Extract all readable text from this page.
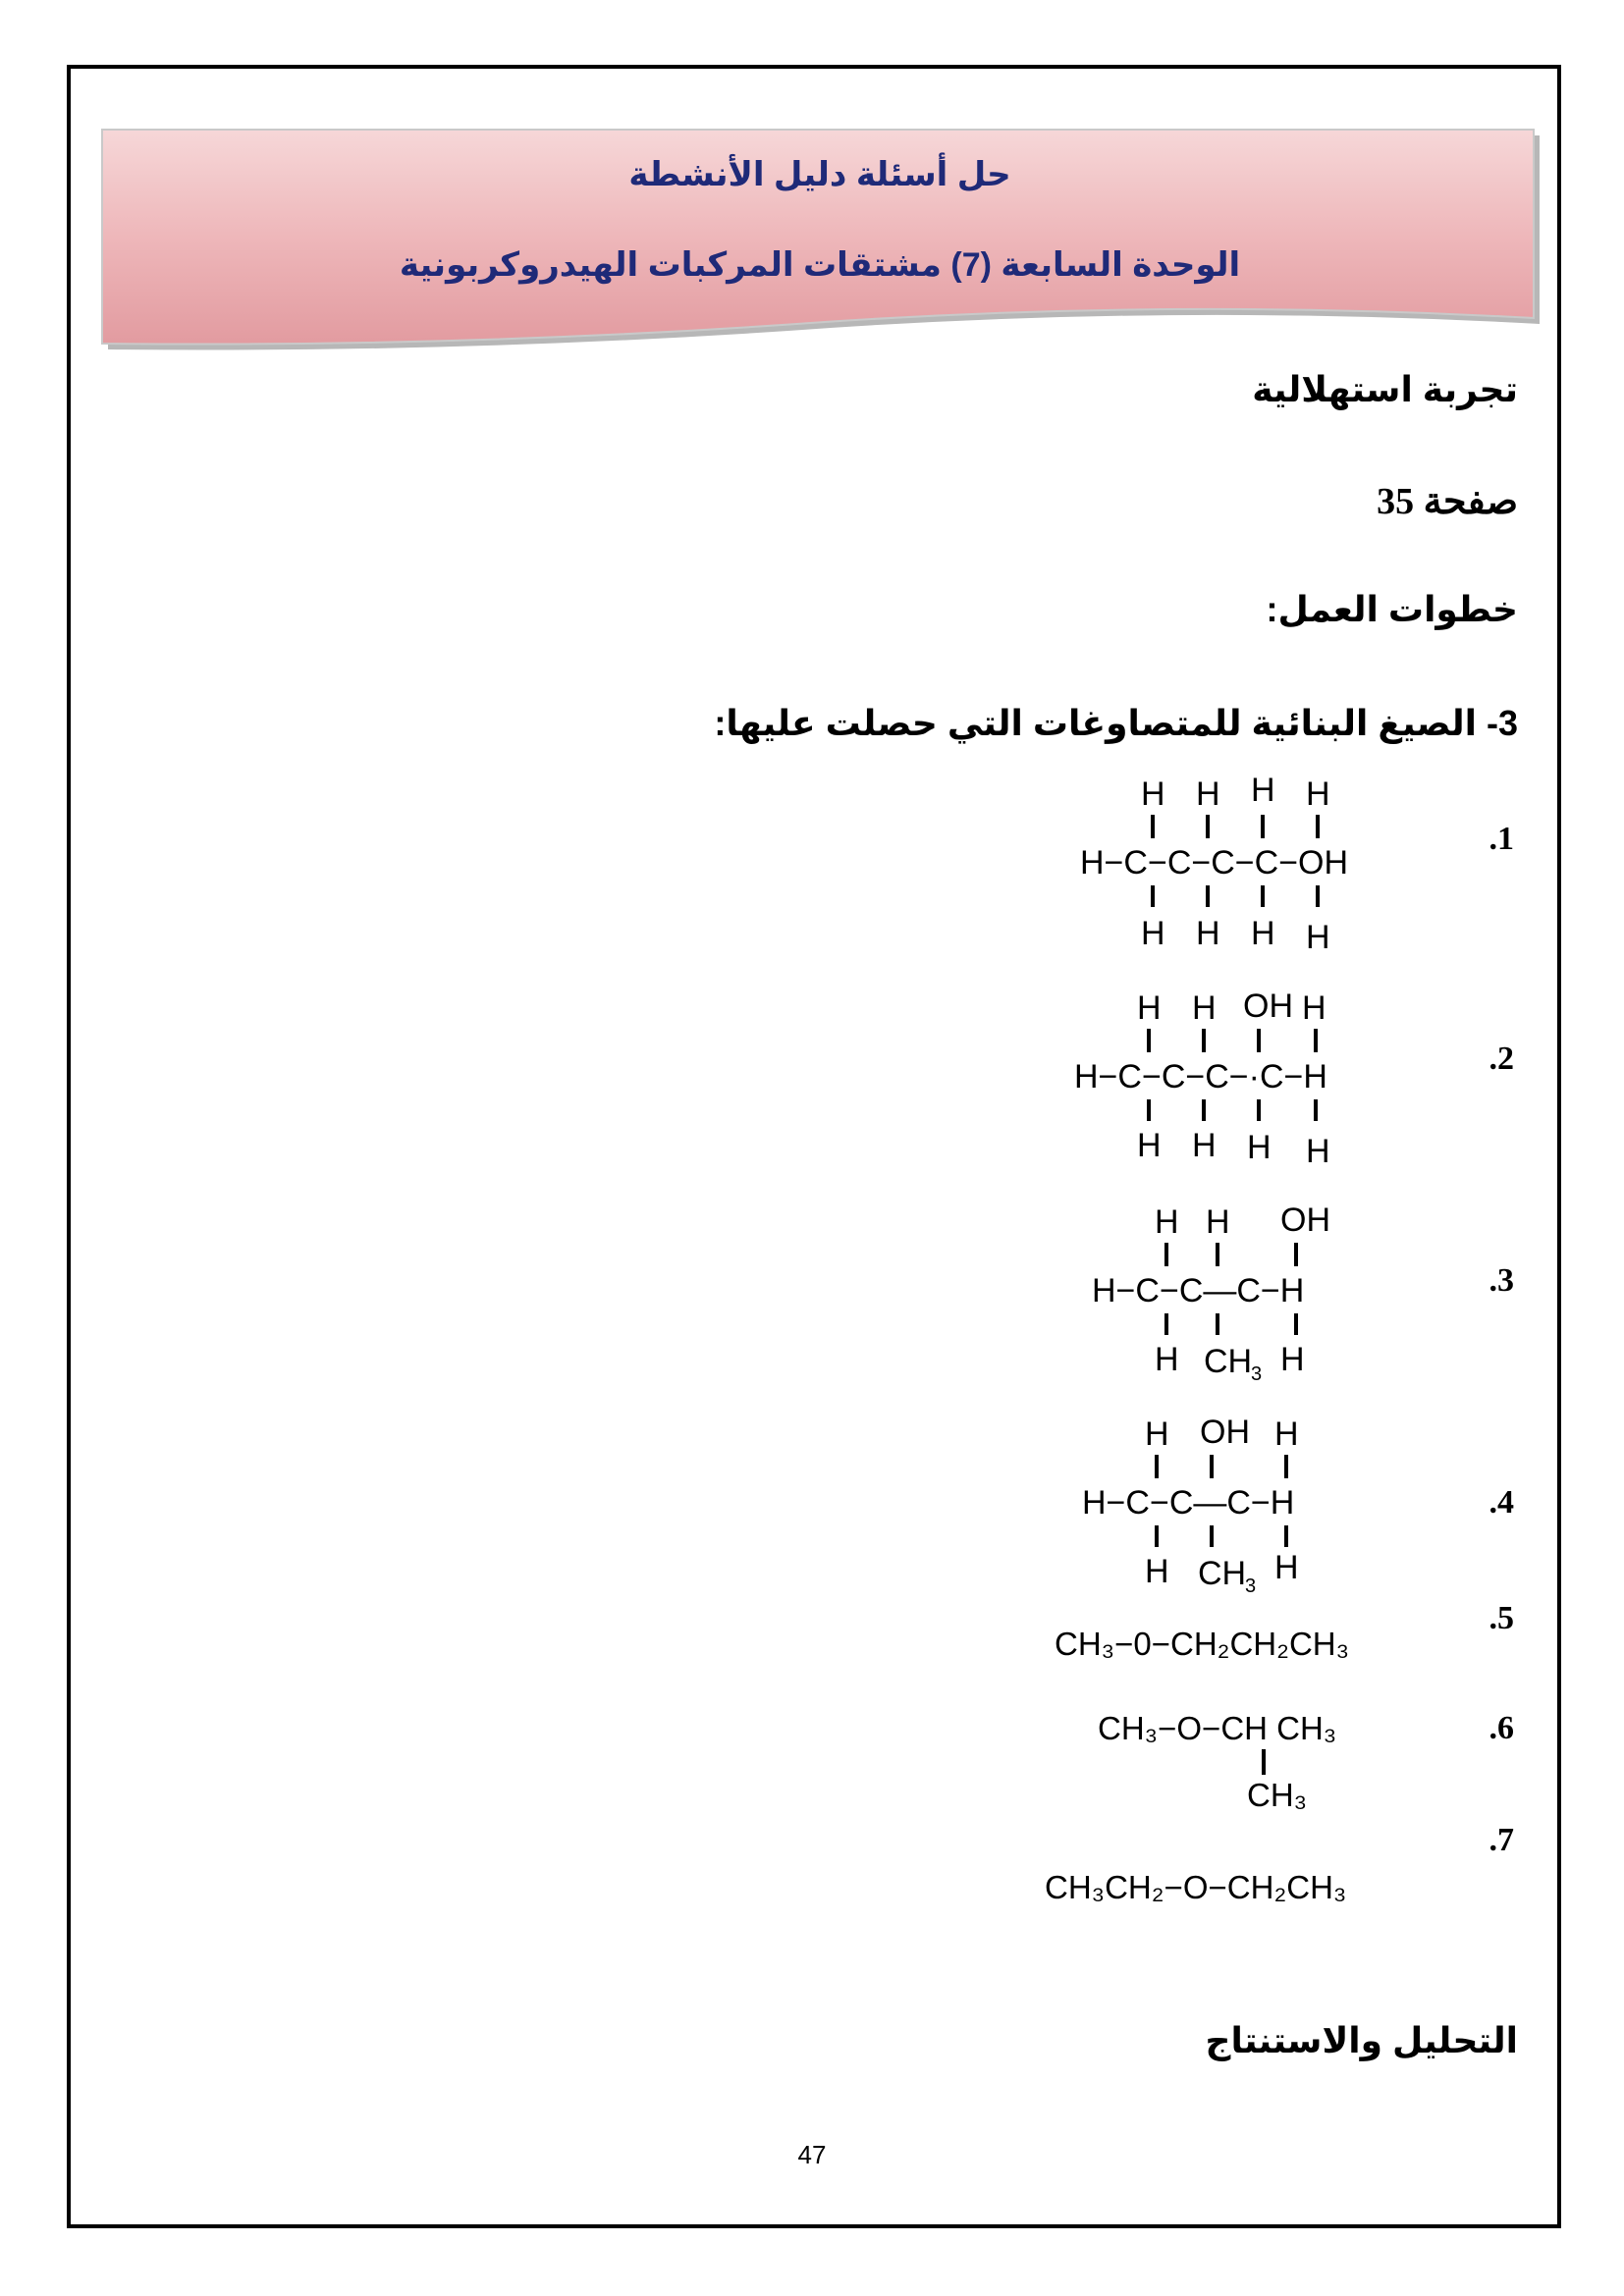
حل أسئلة دليل الأنشطة
الوحدة السابعة (7) مشتقات المركبات الهيدروكربونية
تجربة استهلالية
صفحة 35
خطوات العمل:
3- الصيغ البنائية للمتصاوغات التي حصلت عليها:
.1
.2
.3
.4
.5
.6
.7
H H H H
H−C−C−C−C−OH
H H H H
H H OH H
H−C−C−C−·C−H
H H H H
H H OH
H−C−C—C−H
H CH
3 H
H OH H
H−C−C—C−H
H CH
3 H
CH₃−0−CH₂CH₂CH₃
CH₃−O−CH CH₃
CH₃
CH₃CH₂−O−CH₂CH₃
التحليل والاستنتاج
47
